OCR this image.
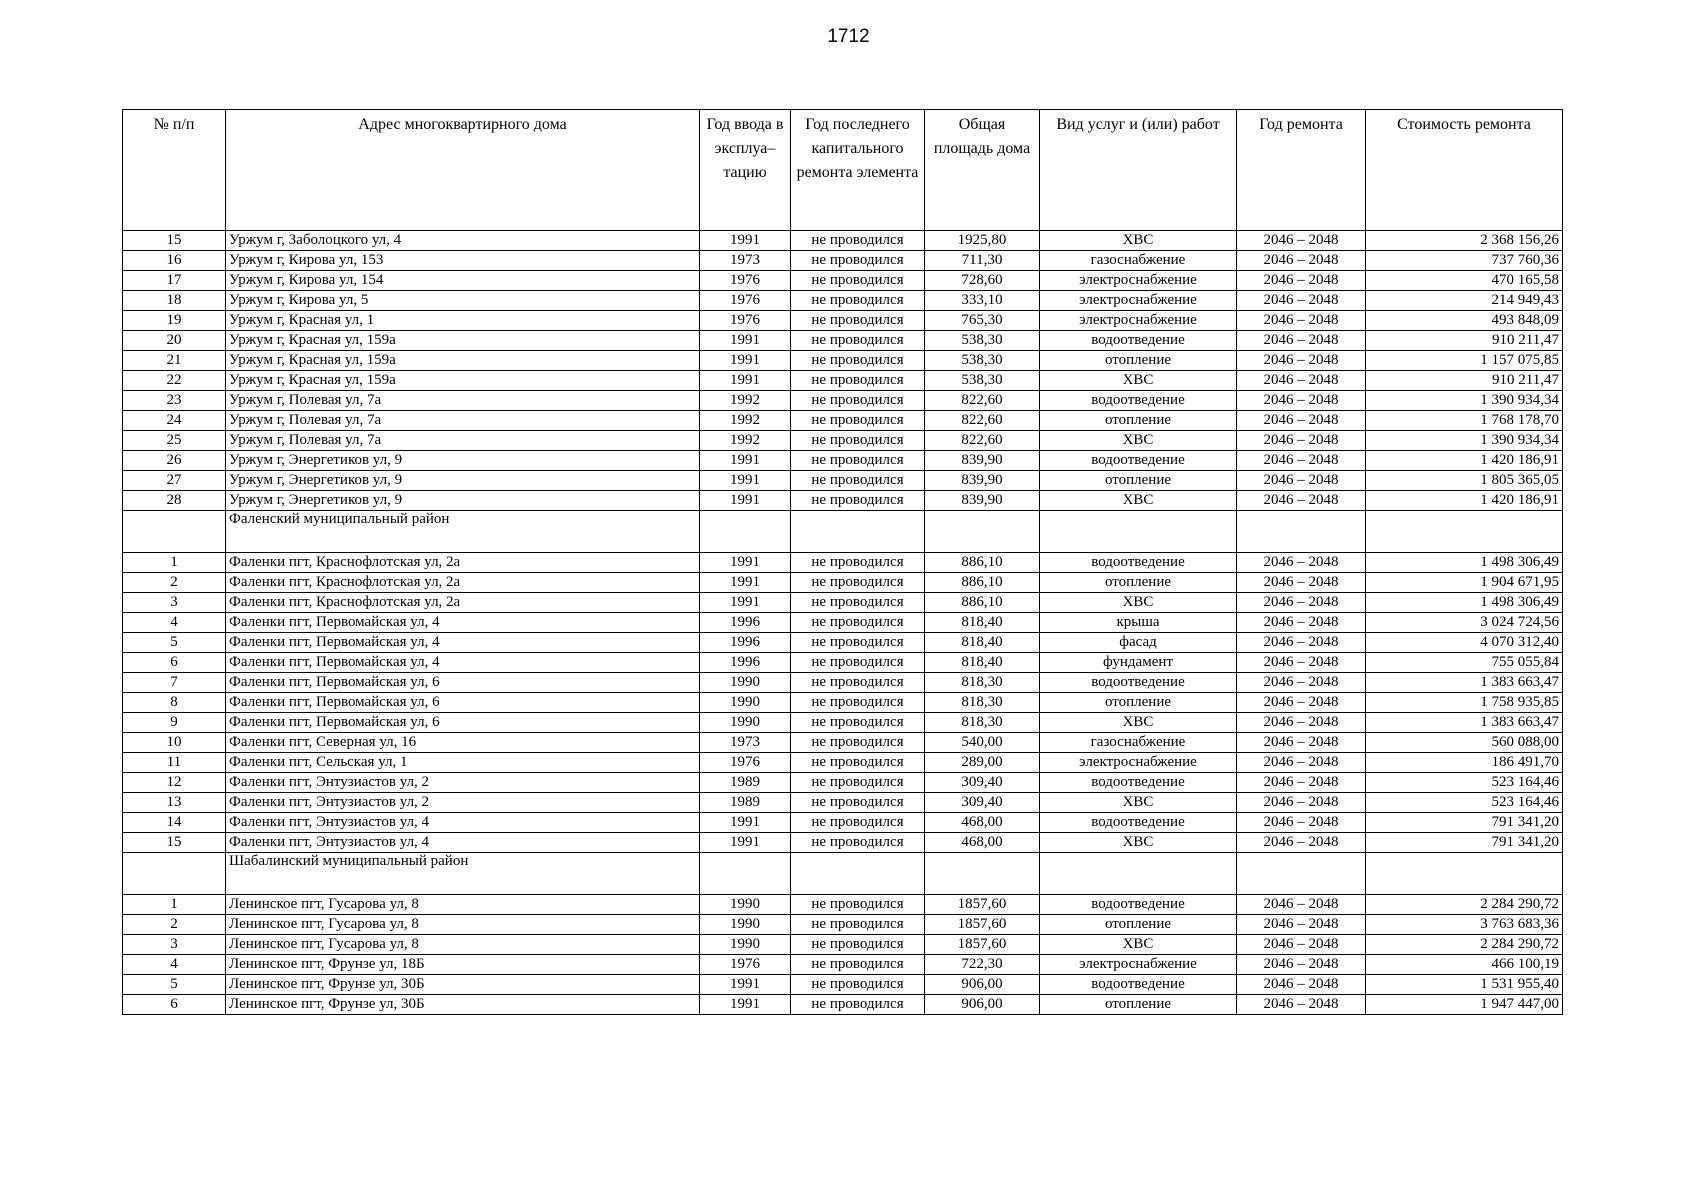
1712
№ п/п	Адрес многоквартирного дома	Год ввода в эксплуа– тацию	Год последнего капитального ремонта элемента	Общая площадь дома	Вид услуг и (или) работ	Год ремонта	Стоимость ремонта
15	Уржум г, Заболоцкого ул, 4	1991	не проводился	1925,80	ХВС	2046 – 2048	2 368 156,26
16	Уржум г, Кирова ул, 153	1973	не проводился	711,30	газоснабжение	2046 – 2048	737 760,36
17	Уржум г, Кирова ул, 154	1976	не проводился	728,60	электроснабжение	2046 – 2048	470 165,58
18	Уржум г, Кирова ул, 5	1976	не проводился	333,10	электроснабжение	2046 – 2048	214 949,43
19	Уржум г, Красная ул, 1	1976	не проводился	765,30	электроснабжение	2046 – 2048	493 848,09
20	Уржум г, Красная ул, 159а	1991	не проводился	538,30	водоотведение	2046 – 2048	910 211,47
21	Уржум г, Красная ул, 159а	1991	не проводился	538,30	отопление	2046 – 2048	1 157 075,85
22	Уржум г, Красная ул, 159а	1991	не проводился	538,30	ХВС	2046 – 2048	910 211,47
23	Уржум г, Полевая ул, 7а	1992	не проводился	822,60	водоотведение	2046 – 2048	1 390 934,34
24	Уржум г, Полевая ул, 7а	1992	не проводился	822,60	отопление	2046 – 2048	1 768 178,70
25	Уржум г, Полевая ул, 7а	1992	не проводился	822,60	ХВС	2046 – 2048	1 390 934,34
26	Уржум г, Энергетиков ул, 9	1991	не проводился	839,90	водоотведение	2046 – 2048	1 420 186,91
27	Уржум г, Энергетиков ул, 9	1991	не проводился	839,90	отопление	2046 – 2048	1 805 365,05
28	Уржум г, Энергетиков ул, 9	1991	не проводился	839,90	ХВС	2046 – 2048	1 420 186,91
	Фаленский муниципальный район						
1	Фаленки пгт, Краснофлотская ул, 2а	1991	не проводился	886,10	водоотведение	2046 – 2048	1 498 306,49
2	Фаленки пгт, Краснофлотская ул, 2а	1991	не проводился	886,10	отопление	2046 – 2048	1 904 671,95
3	Фаленки пгт, Краснофлотская ул, 2а	1991	не проводился	886,10	ХВС	2046 – 2048	1 498 306,49
4	Фаленки пгт, Первомайская ул, 4	1996	не проводился	818,40	крыша	2046 – 2048	3 024 724,56
5	Фаленки пгт, Первомайская ул, 4	1996	не проводился	818,40	фасад	2046 – 2048	4 070 312,40
6	Фаленки пгт, Первомайская ул, 4	1996	не проводился	818,40	фундамент	2046 – 2048	755 055,84
7	Фаленки пгт, Первомайская ул, 6	1990	не проводился	818,30	водоотведение	2046 – 2048	1 383 663,47
8	Фаленки пгт, Первомайская ул, 6	1990	не проводился	818,30	отопление	2046 – 2048	1 758 935,85
9	Фаленки пгт, Первомайская ул, 6	1990	не проводился	818,30	ХВС	2046 – 2048	1 383 663,47
10	Фаленки пгт, Северная ул, 16	1973	не проводился	540,00	газоснабжение	2046 – 2048	560 088,00
11	Фаленки пгт, Сельская ул, 1	1976	не проводился	289,00	электроснабжение	2046 – 2048	186 491,70
12	Фаленки пгт, Энтузиастов ул, 2	1989	не проводился	309,40	водоотведение	2046 – 2048	523 164,46
13	Фаленки пгт, Энтузиастов ул, 2	1989	не проводился	309,40	ХВС	2046 – 2048	523 164,46
14	Фаленки пгт, Энтузиастов ул, 4	1991	не проводился	468,00	водоотведение	2046 – 2048	791 341,20
15	Фаленки пгт, Энтузиастов ул, 4	1991	не проводился	468,00	ХВС	2046 – 2048	791 341,20
	Шабалинский муниципальный район						
1	Ленинское пгт, Гусарова ул, 8	1990	не проводился	1857,60	водоотведение	2046 – 2048	2 284 290,72
2	Ленинское пгт, Гусарова ул, 8	1990	не проводился	1857,60	отопление	2046 – 2048	3 763 683,36
3	Ленинское пгт, Гусарова ул, 8	1990	не проводился	1857,60	ХВС	2046 – 2048	2 284 290,72
4	Ленинское пгт, Фрунзе ул, 18Б	1976	не проводился	722,30	электроснабжение	2046 – 2048	466 100,19
5	Ленинское пгт, Фрунзе ул, 30Б	1991	не проводился	906,00	водоотведение	2046 – 2048	1 531 955,40
6	Ленинское пгт, Фрунзе ул, 30Б	1991	не проводился	906,00	отопление	2046 – 2048	1 947 447,00
